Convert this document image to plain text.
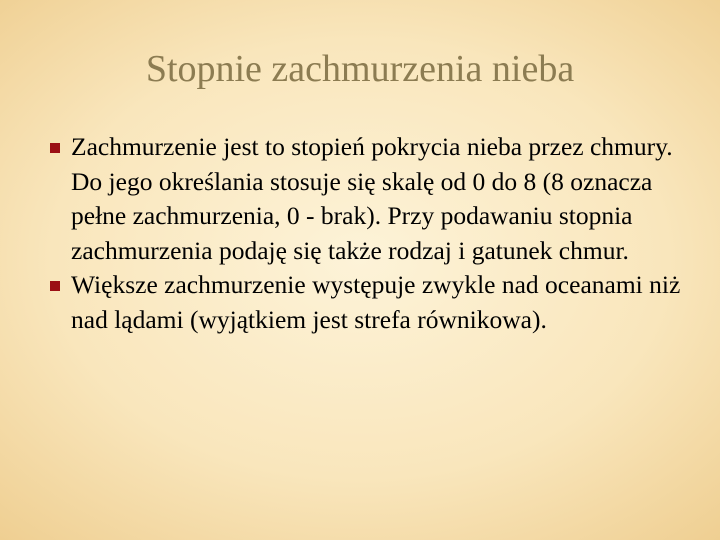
Stopnie zachmurzenia nieba
Zachmurzenie jest to stopień pokrycia nieba przez chmury. Do jego określania stosuje się skalę od 0 do 8 (8 oznacza pełne zachmurzenia, 0 - brak). Przy podawaniu stopnia zachmurzenia podaję się także rodzaj i gatunek chmur.
Większe zachmurzenie występuje zwykle nad oceanami niż nad lądami (wyjątkiem jest strefa równikowa).
